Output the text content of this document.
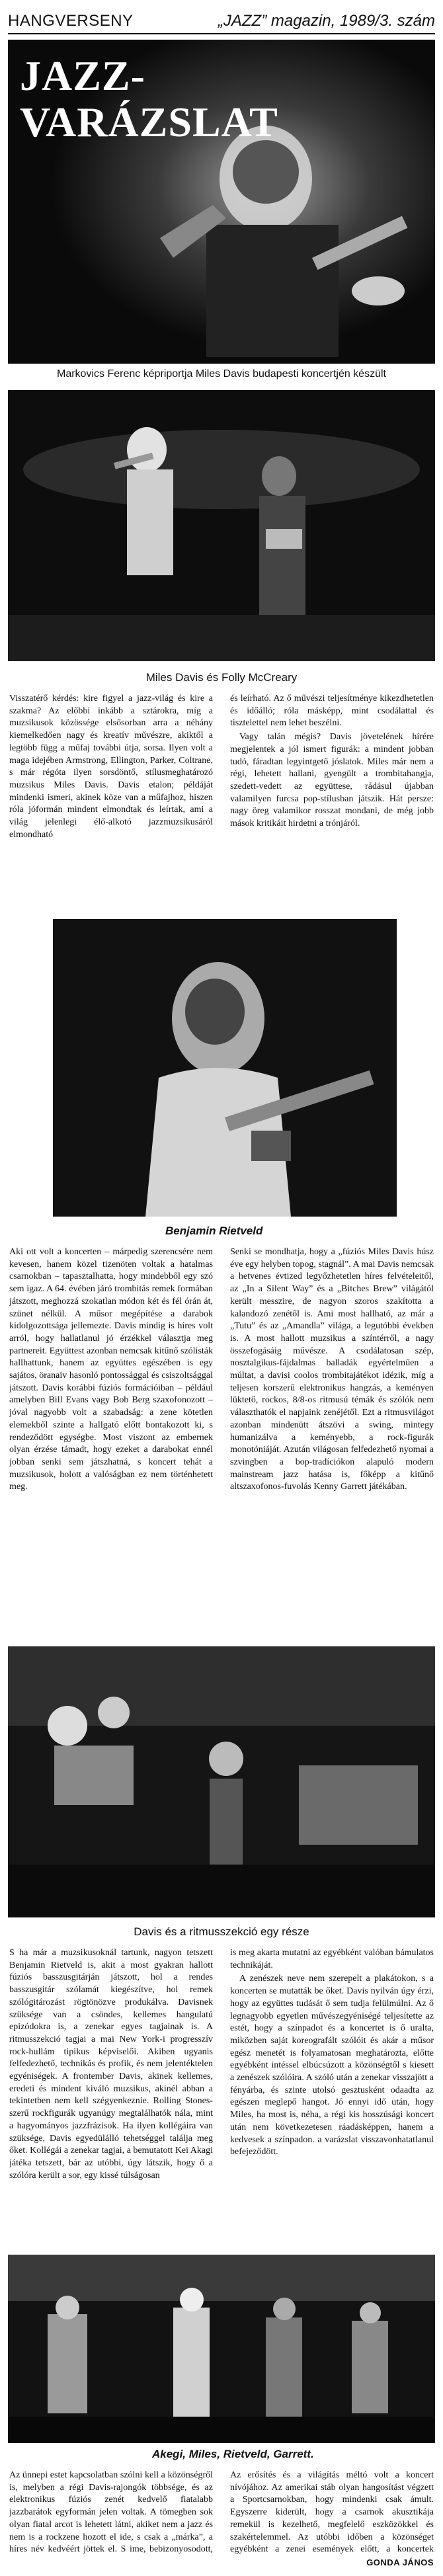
HANGVERSENY	„JAZZ” magazin, 1989/3. szám
JAZZ-
VARÁZSLAT
Markovics Ferenc képriportja Miles Davis budapesti koncertjén készült
Miles Davis és Folly McCreary

Visszatérő kérdés: kire figyel a jazz-világ és kire a szakma? Az előbbi inkább a sztárokra, míg a muzsikusok közössége elsősorban arra a néhány kiemelkedően nagy és kreatív művészre, akiktől a legtöbb függ a műfaj további útja, sorsa. Ilyen volt a maga idejében Armstrong, Ellington, Parker, Coltrane, s már régóta ilyen sorsdöntő, stílusmeghatározó muzsikus Miles Davis. Davis etalon; példáját mindenki ismeri, akinek köze van a műfajhoz, hiszen róla jóformán mindent elmondtak és leírtak, ami a világ jelenlegi élő-alkotó jazzmuzsikusáról elmondható

és leírható. Az ő művészi teljesítménye kikezdhetetlen és időálló; róla másképp, mint csodálattal és tisztelettel nem lehet beszélni.

Vagy talán mégis? Davis jövetelének hírére megjelentek a jól ismert figurák: a mindent jobban tudó, fáradtan legyintgető jóslatok. Miles már nem a régi, lehetett hallani, gyengült a trombitahangja, szedett-vedett az együttese, rádásul újabban valamilyen furcsa pop-stílusban játszik. Hát persze: nagy öreg valamikor rosszat mondani, de még jobb mások kritikáit hirdetni a trónjáról.

Benjamin Rietveld

Aki ott volt a koncerten – márpedig szerencsére nem kevesen, hanem közel tizenöten voltak a hatalmas csarnokban – tapasztalhatta, hogy mindebből egy szó sem igaz. A 64. évében járó trombitás remek formában játszott, meghozzá szokatlan módon két és fél órán át, szünet nélkül. A műsor megépítése a darabok kidolgozottsága jellemezte. Davis mindig is híres volt arról, hogy hallatlanul jó érzékkel választja meg partnereit. Együttest azonban nemcsak kitűnő szólisták hallhattunk, hanem az együttes egészében is egy sajátos, öranaiv hasonló pontossággal és csiszoltsággal játszott. Davis korábbi fúziós formációiban – például amelyben Bill Evans vagy Bob Berg szaxofonozott – jóval nagyobb volt a szabadság: a zene kötetlen elemekből szinte a hallgató előtt bontakozott ki, s rendeződött egységbe. Most viszont az embernek olyan érzése támadt, hogy ezeket a darabokat ennél jobban senki sem játszhatná, s koncert tehát a muzsikusok, holott a valóságban ez nem történhetett meg.

Senki se mondhatja, hogy a „fúziós Miles Davis húsz éve egy helyben topog, stagnál”. A mai Davis nemcsak a hetvenes évtized legyőzhetetlen híres felvételeitől, az „In a Silent Way” és a „Bitches Brew” világától került messzire, de nagyon szoros szakította a kalandozó zenétől is. Ami most hallható, az már a „Tutu” és az „Amandla” világa, a legutóbbi években is. A most hallott muzsikus a színtérről, a nagy összefogásáig művésze. A csodálatosan szép, nosztalgikus-fájdalmas balladák egyértelműen a múltat, a davisi coolos trombitajátékot idézik, míg a teljesen korszerű elektronikus hangzás, a keményen lüktető, rockos, 8/8-os ritmusú témák és szólók nem választhatók el napjaink zenéjétől. Ezt a ritmusvilágot azonban mindenütt átszövi a swing, mintegy humanizálva a keményebb, a rock-figurák monotóniáját. Azután világosan felfedezhető nyomai a szvingben a bop-tradíciókon alapuló modern mainstream jazz hatása is, főképp a kitűnő altszaxofonos-fuvolás Kenny Garrett játékában.

Davis és a ritmusszekció egy része

S ha már a muzsikusoknál tartunk, nagyon tetszett Benjamin Rietveld is, akit a most gyakran hallott fúziós basszusgitárján játszott, hol a rendes basszusgitár szólamát kiegészítve, hol remek szólógitározást rögtönözve produkálva. Davisnek szüksége van a csöndes, kellemes hangulatú epizódokra is, a zenekar egyes tagjainak is. A ritmusszekció tagjai a mai New York-i progresszív rock-hullám tipikus képviselői. Akiben ugyanis felfedezhető, technikás és profik, és nem jelentéktelen egyéniségek. A frontember Davis, akinek kellemes, eredeti és mindent kiváló muzsikus, akinél abban a tekintetben nem kell szégyenkeznie. Rolling Stones-szerű rockfigurák ugyanúgy megtalálhatók nála, mint a hagyományos jazzfrázisok. Ha ilyen kollégáira van szüksége, Davis egyedülálló tehetséggel találja meg őket. Kollégái a zenekar tagjai, a bemutatott Kei Akagi játéka tetszett, bár az utóbbi, úgy látszik, hogy ő a szólóra került a sor, egy kissé túlságosan

is meg akarta mutatni az egyébként valóban bámulatos technikáját.

A zenészek neve nem szerepelt a plakátokon, s a koncerten se mutatták be őket. Davis nyilván úgy érzi, hogy az együttes tudását ő sem tudja felülmúlni. Az ő legnagyobb egyetlen művészegyéniségé teljesítette az estét, hogy a színpadot és a koncertet is ő uralta, miközben saját koreografált szólóit és akár a műsor egész menetét is folyamatosan meghatározta, előtte egyébként intéssel elbúcsúzott a közönségtől s kiesett a zenészek szólóira. A szóló után a zenekar visszajött a fényárba, és szinte utolsó gesztusként odaadta az egészen meglepő hangot. Jó ennyi idő után, hogy Miles, ha most is, néha, a régi kis hosszúsági koncert után nem következetesen ráadásképpen, hanem a kedvesek a színpadon. a varázslat visszavonhatatlanul befejeződött.

Akegi, Miles, Rietveld, Garrett.

Az ünnepi estet kapcsolatban szólni kell a közönségről is, melyben a régi Davis-rajongók többsége, és az elektronikus fúziós zenét kedvelő fiatalabb jazzbarátok egyformán jelen voltak. A tömegben sok olyan fiatal arcot is lehetett látni, akiket nem a jazz és nem is a rockzene hozott el ide, s csak a „márka”, a híres név kedvéért jöttek el. S ime, bebizonyosodott,

Az erősítés és a világítás méltó volt a koncert nívójához. Az amerikai stáb olyan hangosítást végzett a Sportcsarnokban, hogy mindenki csak ámult. Egyszerre kiderült, hogy a csarnok akusztikája remekül is kezelhető, megfelelő eszközökkel és szakértelemmel. Az utóbbi időben a közönséget egyébként a zenei események előtt, a koncertek

GONDA JÁNOS
